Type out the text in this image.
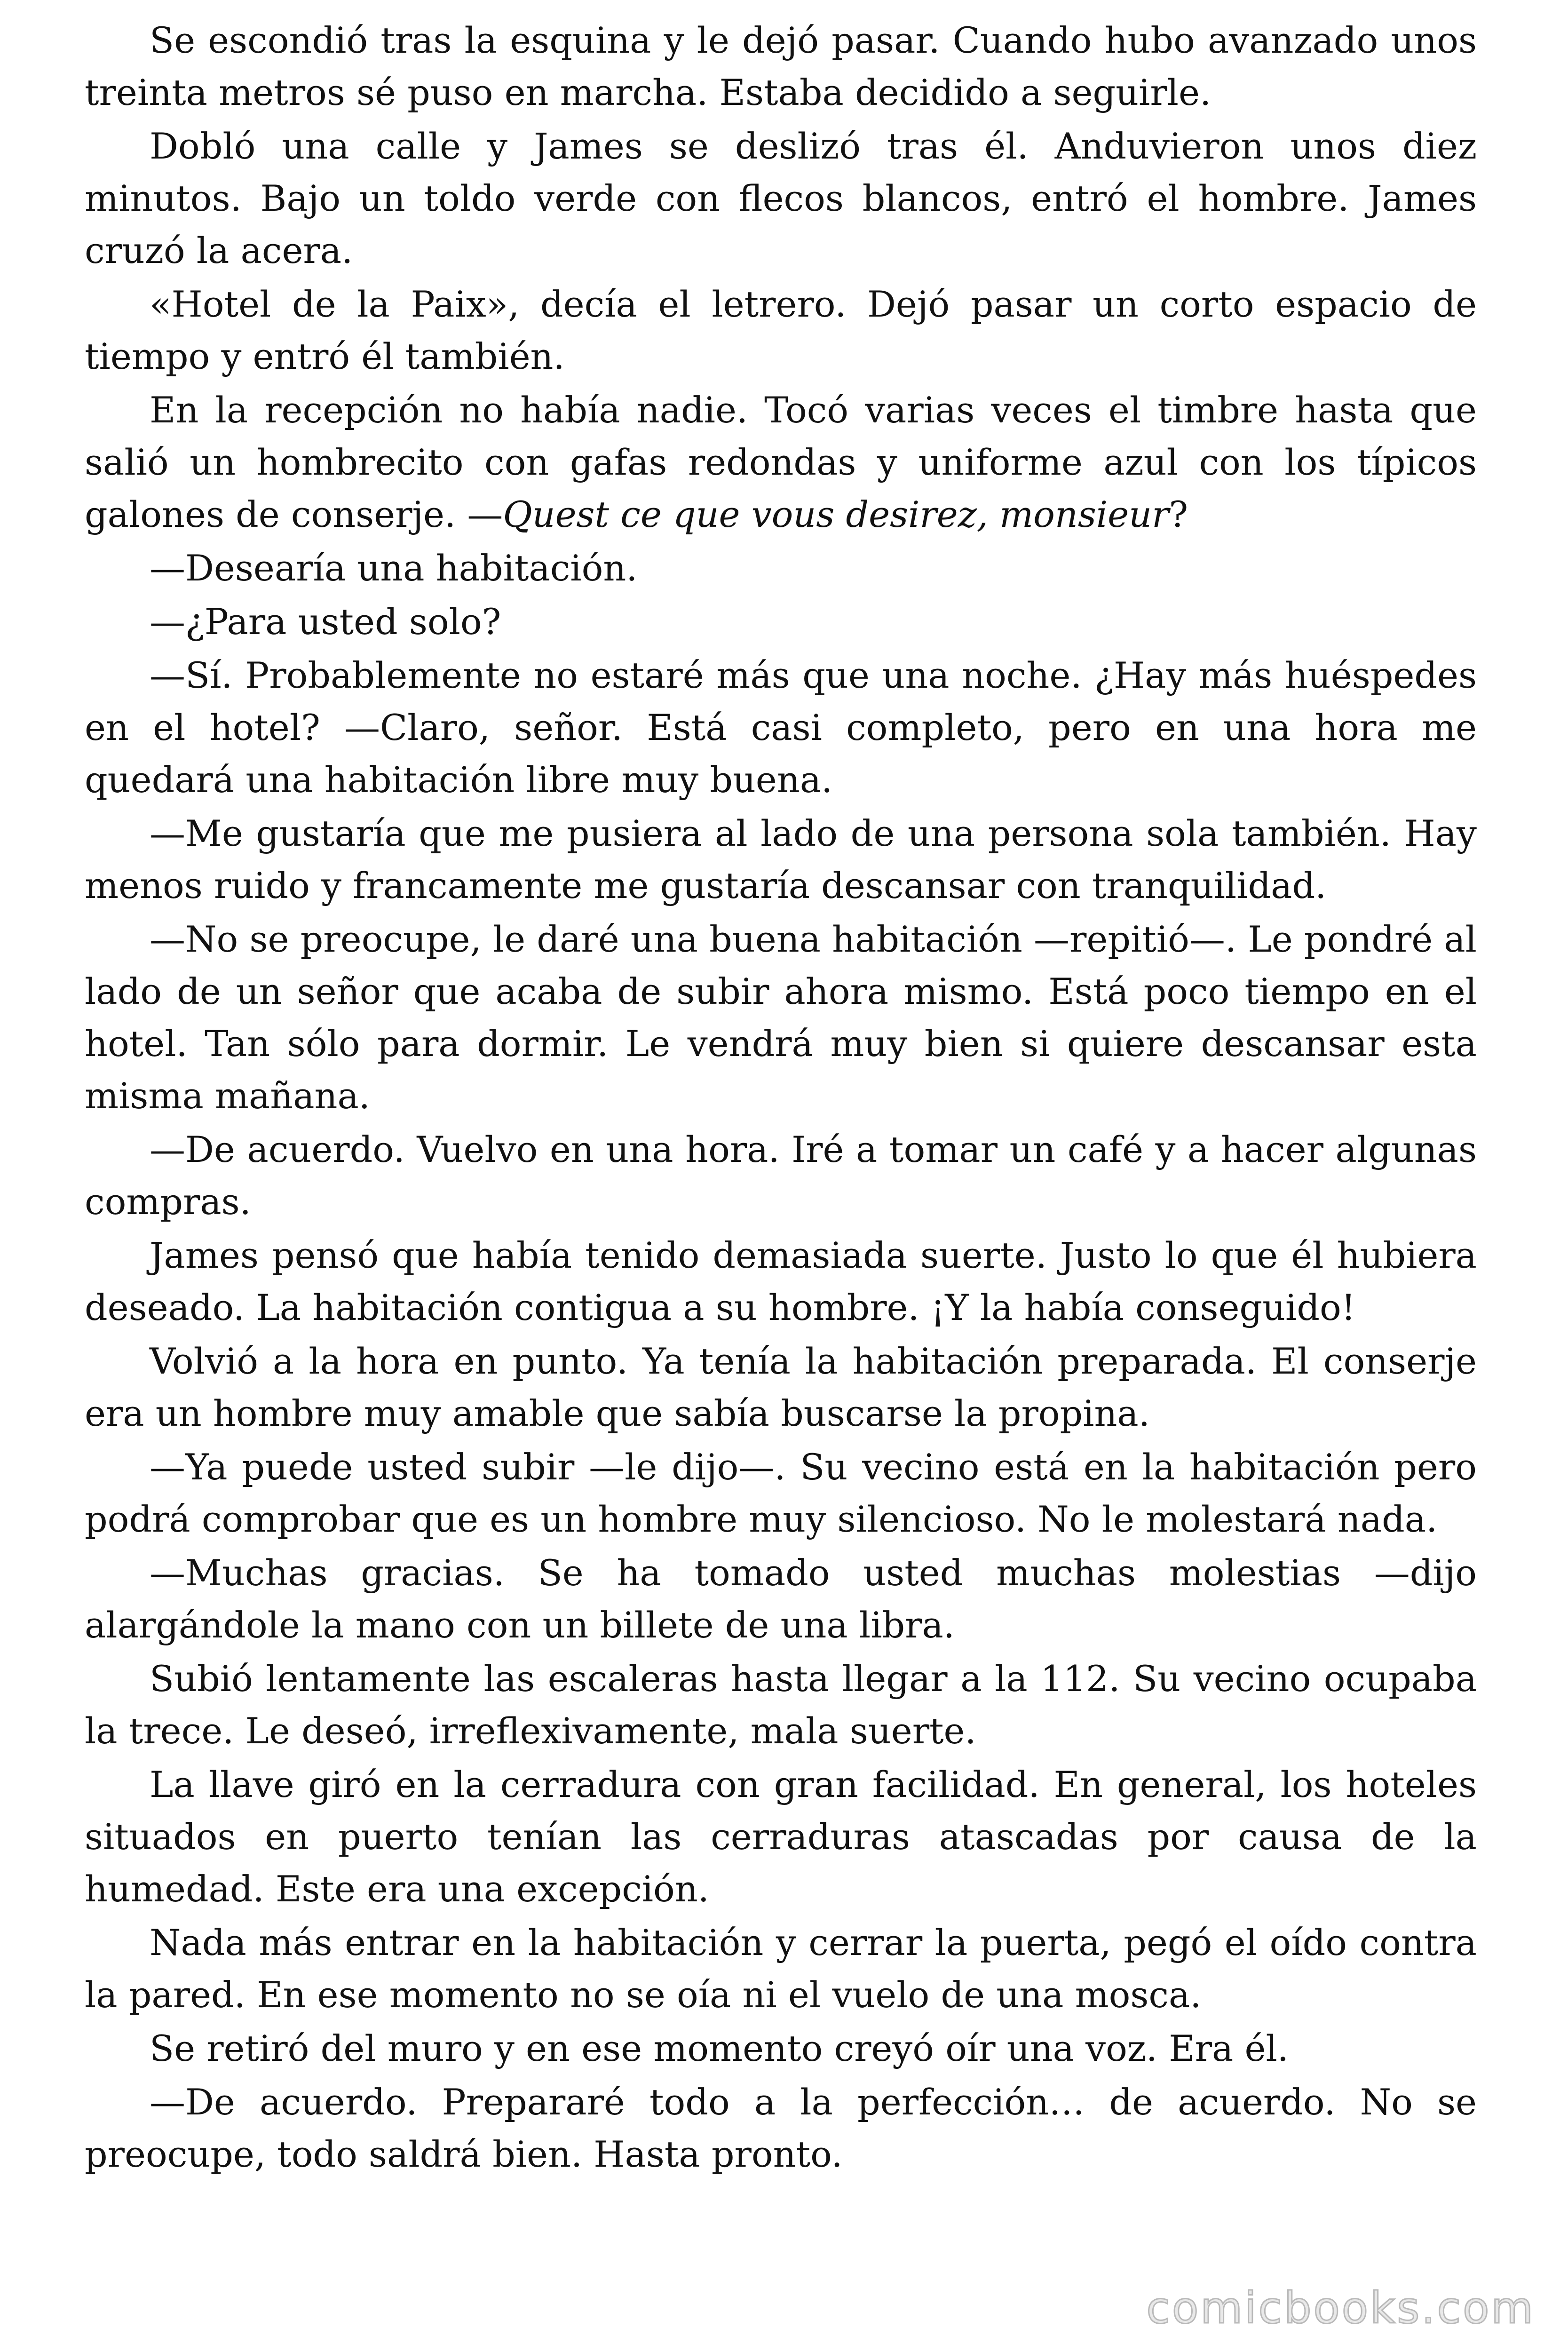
Se escondió tras la esquina y le dejó pasar. Cuando hubo avanzado unos treinta metros sé puso en marcha. Estaba decidido a seguirle.

Dobló una calle y James se deslizó tras él. Anduvieron unos diez minutos. Bajo un toldo verde con flecos blancos, entró el hombre. James cruzó la acera.

«Hotel de la Paix», decía el letrero. Dejó pasar un corto espacio de tiempo y entró él también.

En la recepción no había nadie. Tocó varias veces el timbre hasta que salió un hombrecito con gafas redondas y uniforme azul con los típicos galones de conserje. —Quest ce que vous desirez, monsieur?

—Desearía una habitación.

—¿Para usted solo?

—Sí. Probablemente no estaré más que una noche. ¿Hay más huéspedes en el hotel? —Claro, señor. Está casi completo, pero en una hora me quedará una habitación libre muy buena.

—Me gustaría que me pusiera al lado de una persona sola también. Hay menos ruido y francamente me gustaría descansar con tranquilidad.

—No se preocupe, le daré una buena habitación —repitió—. Le pondré al lado de un señor que acaba de subir ahora mismo. Está poco tiempo en el hotel. Tan sólo para dormir. Le vendrá muy bien si quiere descansar esta misma mañana.

—De acuerdo. Vuelvo en una hora. Iré a tomar un café y a hacer algunas compras.

James pensó que había tenido demasiada suerte. Justo lo que él hubiera deseado. La habitación contigua a su hombre. ¡Y la había conseguido!

Volvió a la hora en punto. Ya tenía la habitación preparada. El conserje era un hombre muy amable que sabía buscarse la propina.

—Ya puede usted subir —le dijo—. Su vecino está en la habitación pero podrá comprobar que es un hombre muy silencioso. No le molestará nada.

—Muchas gracias. Se ha tomado usted muchas molestias —dijo alargándole la mano con un billete de una libra.

Subió lentamente las escaleras hasta llegar a la 112. Su vecino ocupaba la trece. Le deseó, irreflexivamente, mala suerte.

La llave giró en la cerradura con gran facilidad. En general, los hoteles situados en puerto tenían las cerraduras atascadas por causa de la humedad. Este era una excepción.

Nada más entrar en la habitación y cerrar la puerta, pegó el oído contra la pared. En ese momento no se oía ni el vuelo de una mosca.

Se retiró del muro y en ese momento creyó oír una voz. Era él.

—De acuerdo. Prepararé todo a la perfección… de acuerdo. No se preocupe, todo saldrá bien. Hasta pronto.

comicbooks.com
